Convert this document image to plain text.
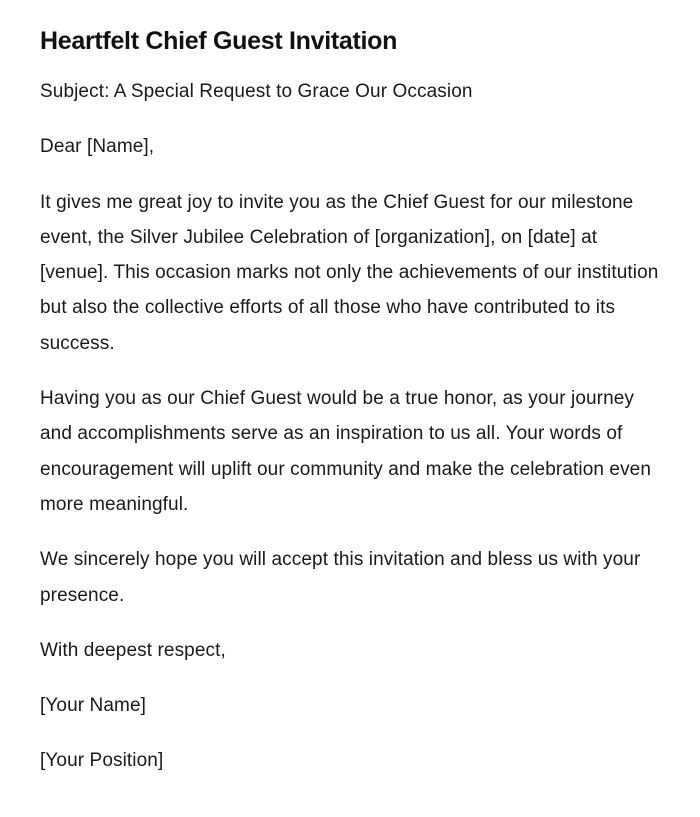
Heartfelt Chief Guest Invitation

Subject: A Special Request to Grace Our Occasion

Dear [Name],

It gives me great joy to invite you as the Chief Guest for our milestone event, the Silver Jubilee Celebration of [organization], on [date] at [venue]. This occasion marks not only the achievements of our institution but also the collective efforts of all those who have contributed to its success.

Having you as our Chief Guest would be a true honor, as your journey and accomplishments serve as an inspiration to us all. Your words of encouragement will uplift our community and make the celebration even more meaningful.

We sincerely hope you will accept this invitation and bless us with your presence.

With deepest respect,

[Your Name]

[Your Position]
